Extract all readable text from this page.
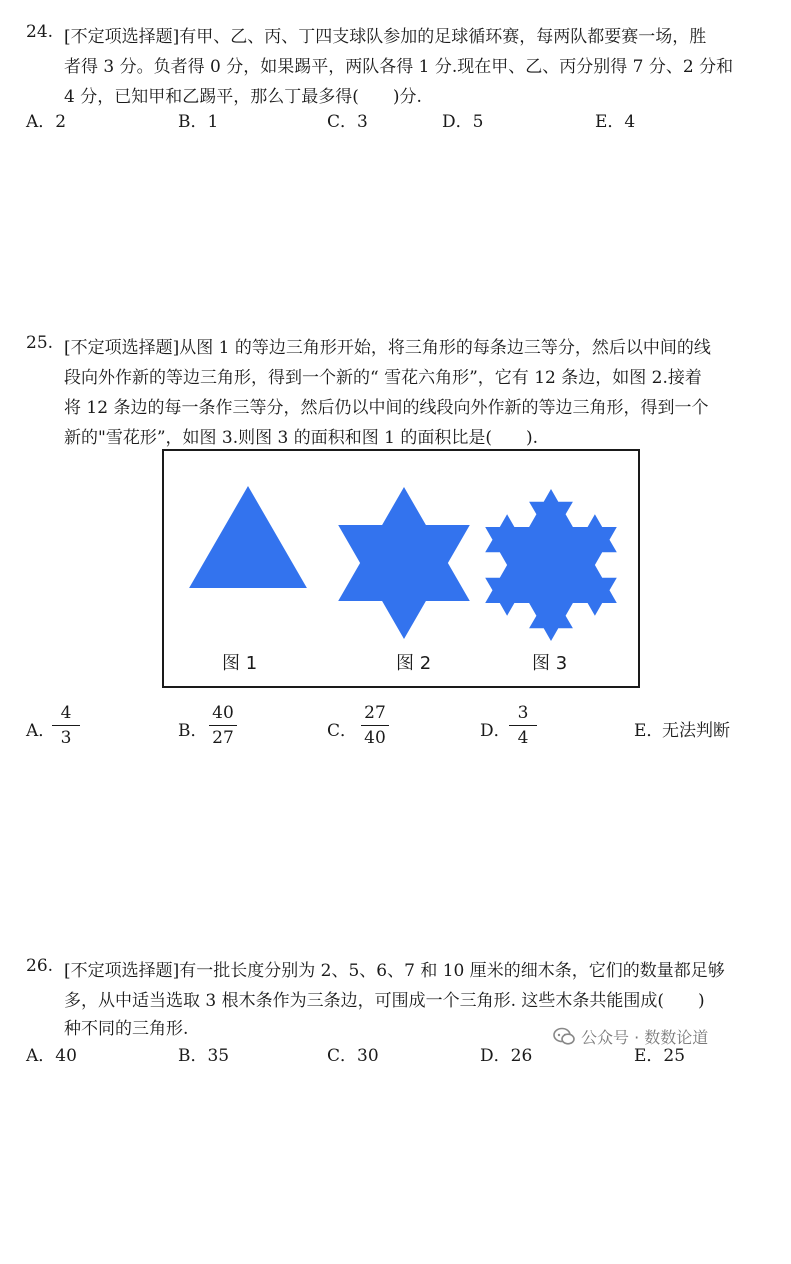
24. [不定项选择题]有甲、乙、丙、丁四支球队参加的足球循环赛，每两队都要赛一场，胜
者得 3 分。负者得 0 分，如果踢平，两队各得 1 分.现在甲、乙、丙分别得 7 分、2 分和
4 分，已知甲和乙踢平，那么丁最多得(　　)分.
A．2	B．1	C．3	D．5	E．4
25. [不定项选择题]从图 1 的等边三角形开始，将三角形的每条边三等分，然后以中间的线
段向外作新的等边三角形，得到一个新的“ 雪花六角形”，它有 12 条边，如图 2.接着
将 12 条边的每一条作三等分，然后仍以中间的线段向外作新的等边三角形，得到一个
新的"雪花形”，如图 3.则图 3 的面积和图 1 的面积比是(　　).
图 1	图 2	图 3
A．
4
3	B．
40
27	C．
27
40	D．
3
4	E．
无法判断
26. [不定项选择题]有一批长度分别为 2、5、6、7 和 10 厘米的细木条，它们的数量都足够
多，从中适当选取 3 根木条作为三条边，可围成一个三角形. 这些木条共能围成(　　)
种不同的三角形.
A．40	B．35	C．30	D．26	E．25
公众号 · 数数论道
